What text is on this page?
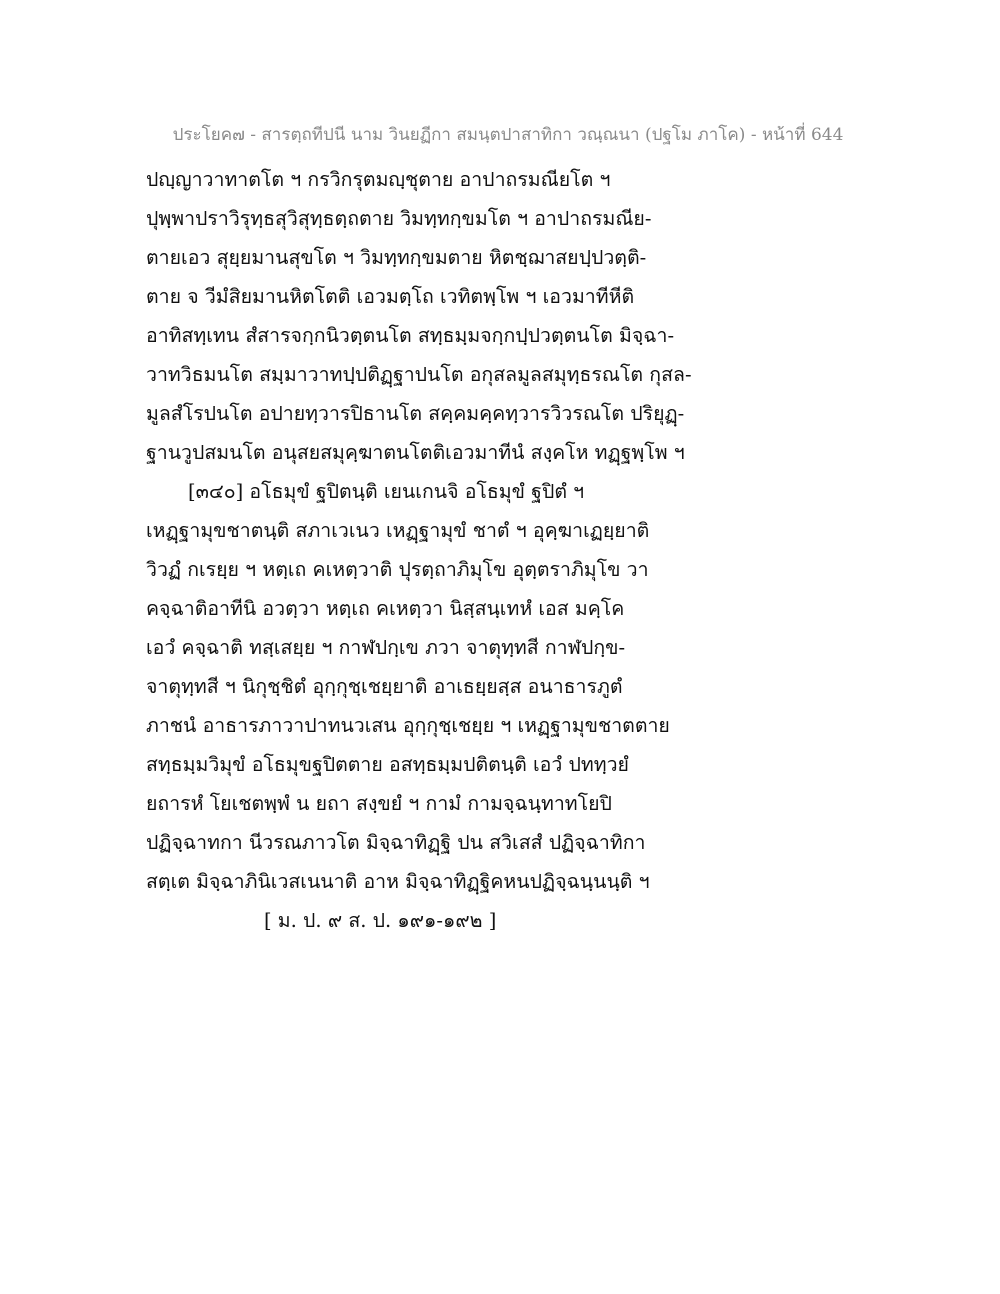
ประโยค๗ - สารตฺถทีปนี นาม วินยฏีกา สมนฺตปาสาทิกา วณฺณนา (ปฐโม ภาโค) - หน้าที่ 644
ปญฺญาวาทาตโต ฯ กรวิกรุตมญฺชุตาย อาปาถรมณียโต ฯ
ปุพฺพาปราวิรุทฺธสุวิสุทฺธตฺถตาย วิมทฺทกฺขมโต ฯ อาปาถรมณีย-
ตายเอว สุยฺยมานสุขโต ฯ วิมทฺทกฺขมตาย หิตชฺฌาสยปฺปวตฺติ-
ตาย จ วีมํสิยมานหิตโตติ เอวมตฺโถ เวทิตพฺโพ ฯ เอวมาทีหีติ
อาทิสทฺเทน สํสารจกฺกนิวตฺตนโต สทฺธมฺมจกฺกปฺปวตฺตนโต มิจฺฉา-
วาทวิธมนโต สมฺมาวาทปฺปติฏฺฐาปนโต อกุสลมูลสมุทฺธรณโต กุสล-
มูลสํโรปนโต อปายทฺวารปิธานโต สคฺคมคฺคทฺวารวิวรณโต ปริยุฏฺ-
ฐานวูปสมนโต อนุสยสมุคฺฆาตนโตติเอวมาทีนํ สงฺคโห ทฏฺฐพฺโพ ฯ
[๓๔๐] อโธมุขํ ฐปิตนฺติ เยนเกนจิ อโธมุขํ ฐปิตํ ฯ
เหฏฺฐามุขชาตนฺติ สภาเวเนว เหฏฺฐามุขํ ชาตํ ฯ อุคฺฆาเฏยฺยาติ
วิวฏํ กเรยฺย ฯ หตฺเถ คเหตฺวาติ ปุรตฺถาภิมุโข อุตฺตราภิมุโข วา
คจฺฉาติอาทีนิ อวตฺวา หตฺเถ คเหตฺวา นิสฺสนฺเทหํ เอส มคฺโค
เอวํ คจฺฉาติ ทสฺเสยฺย ฯ กาฬปกฺเข ภวา จาตุทฺทสี กาฬปกฺข-
จาตุทฺทสี ฯ นิกุชฺชิตํ อุกฺกุชฺเชยฺยาติ อาเธยฺยสฺส อนาธารภูตํ
ภาชนํ อาธารภาวาปาทนวเสน อุกฺกุชฺเชยฺย ฯ เหฏฺฐามุขชาตตาย
สทฺธมฺมวิมุขํ อโธมุขฐปิตตาย อสทฺธมฺมปติตนฺติ เอวํ ปททฺวยํ
ยถารหํ โยเชตพฺพํ น ยถา สงฺขยํ ฯ กามํ กามจฺฉนฺทาทโยปิ
ปฏิจฺฉาทกา นีวรณภาวโต มิจฺฉาทิฏฺฐิ ปน สวิเสสํ ปฏิจฺฉาทิกา
สตฺเต มิจฺฉาภินิเวสเนนาติ อาห มิจฺฉาทิฏฺฐิคหนปฏิจฺฉนฺนนฺติ ฯ
[ ม. ป. ๙ ส. ป. ๑๙๑-๑๙๒ ]
